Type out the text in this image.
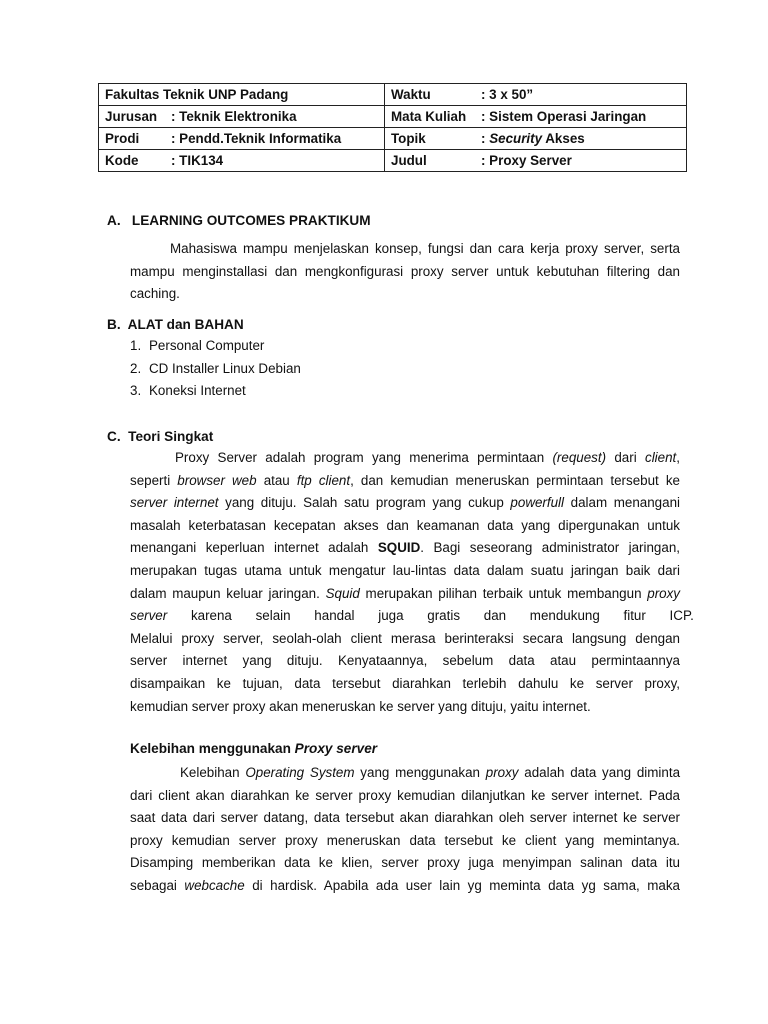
Fakultas Teknik UNP Padang	Waktu : 3 x 50”
Jurusan : Teknik Elektronika	Mata Kuliah : Sistem Operasi Jaringan
Prodi : Pendd.Teknik Informatika	Topik : Security Akses
Kode : TIK134	Judul : Proxy Server
A.   LEARNING OUTCOMES PRAKTIKUM
Mahasiswa mampu menjelaskan konsep, fungsi dan cara kerja proxy server, serta
mampu menginstallasi dan mengkonfigurasi proxy server untuk kebutuhan filtering dan
caching.
B.  ALAT dan BAHAN
1. Personal Computer
2. CD Installer Linux Debian
3. Koneksi Internet
C.  Teori Singkat
Proxy Server adalah program yang menerima permintaan (request) dari client,
seperti browser web atau ftp client, dan kemudian meneruskan permintaan tersebut ke
server internet yang dituju. Salah satu program yang cukup powerfull dalam menangani
masalah keterbatasan kecepatan akses dan keamanan data yang dipergunakan untuk
menangani keperluan internet adalah SQUID. Bagi seseorang administrator jaringan,
merupakan tugas utama untuk mengatur lau-lintas data dalam suatu jaringan baik dari
dalam maupun keluar jaringan. Squid merupakan pilihan terbaik untuk membangun proxy
server karena selain handal juga gratis dan mendukung fitur ICP.
Melalui proxy server, seolah-olah client merasa berinteraksi secara langsung dengan
server internet yang dituju. Kenyataannya, sebelum data atau permintaannya
disampaikan ke tujuan, data tersebut diarahkan terlebih dahulu ke server proxy,
kemudian server proxy akan meneruskan ke server yang dituju, yaitu internet.
Kelebihan menggunakan Proxy server
Kelebihan Operating System yang menggunakan proxy adalah data yang diminta
dari client akan diarahkan ke server proxy kemudian dilanjutkan ke server internet. Pada
saat data dari server datang, data tersebut akan diarahkan oleh server internet ke server
proxy kemudian server proxy meneruskan data tersebut ke client yang memintanya.
Disamping memberikan data ke klien, server proxy juga menyimpan salinan data itu
sebagai webcache di hardisk. Apabila ada user lain yg meminta data yg sama, maka
